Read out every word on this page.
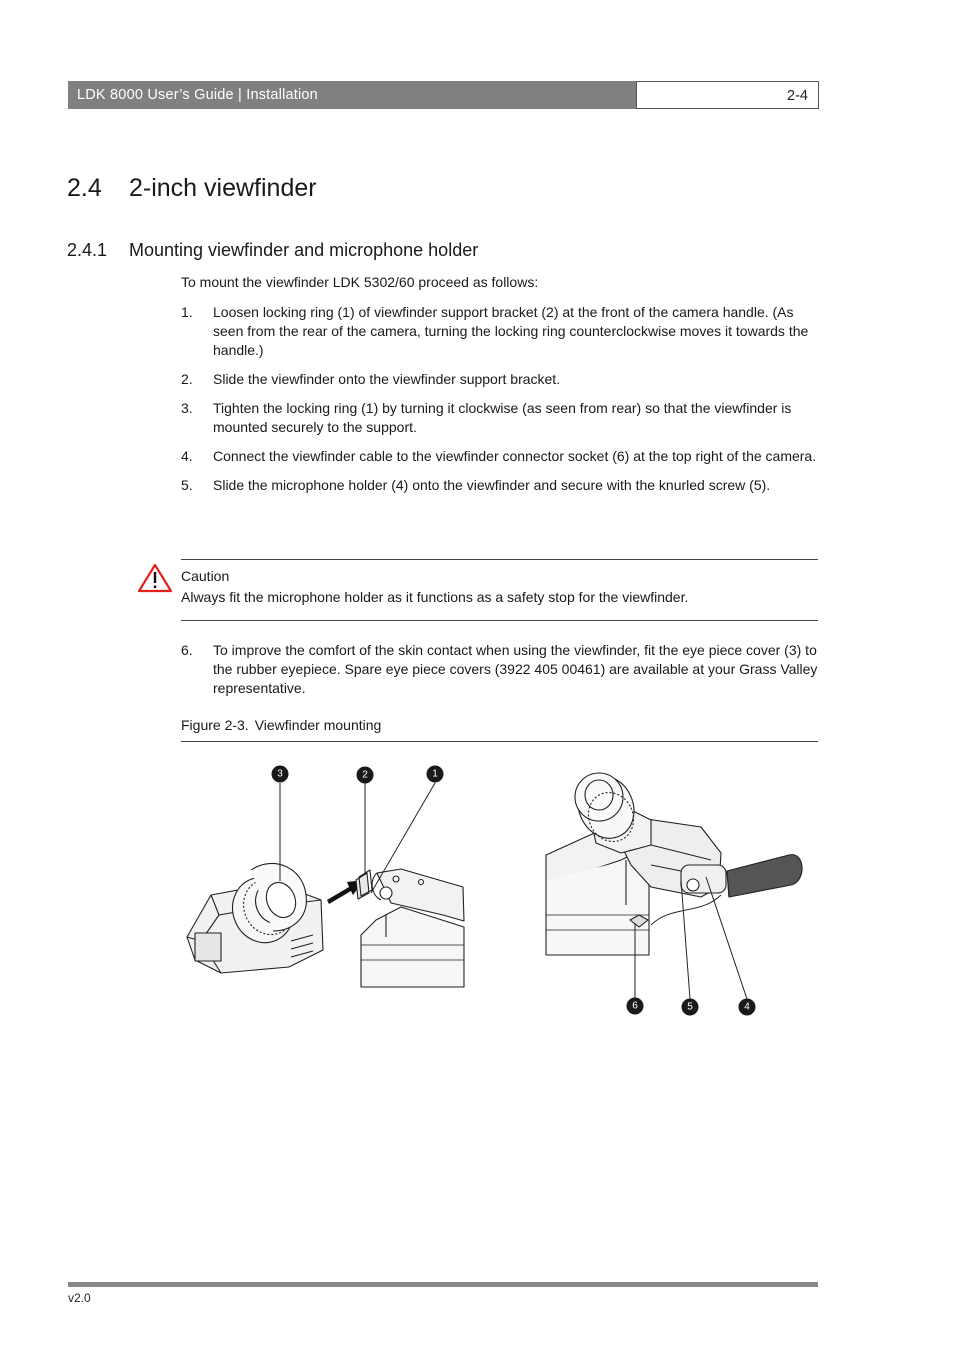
LDK 8000 User’s Guide | Installation	2-4
2.4 2-inch viewfinder
2.4.1 Mounting viewfinder and microphone holder
To mount the viewfinder LDK 5302/60 proceed as follows:
1. Loosen locking ring (1) of viewfinder support bracket (2) at the front of the camera handle. (As seen from the rear of the camera, turning the locking ring counterclockwise moves it towards the handle.)
2. Slide the viewfinder onto the viewfinder support bracket.
3. Tighten the locking ring (1) by turning it clockwise (as seen from rear) so that the viewfinder is mounted securely to the support.
4. Connect the viewfinder cable to the viewfinder connector socket (6) at the top right of the camera.
5. Slide the microphone holder (4) onto the viewfinder and secure with the knurled screw (5).
Caution
Always fit the microphone holder as it functions as a safety stop for the viewfinder.
6. To improve the comfort of the skin contact when using the viewfinder, fit the eye piece cover (3) to the rubber eyepiece. Spare eye piece covers (3922 405 00461) are available at your Grass Valley representative.
Figure 2-3. Viewfinder mounting
3	2	1
6	5	4
v2.0
